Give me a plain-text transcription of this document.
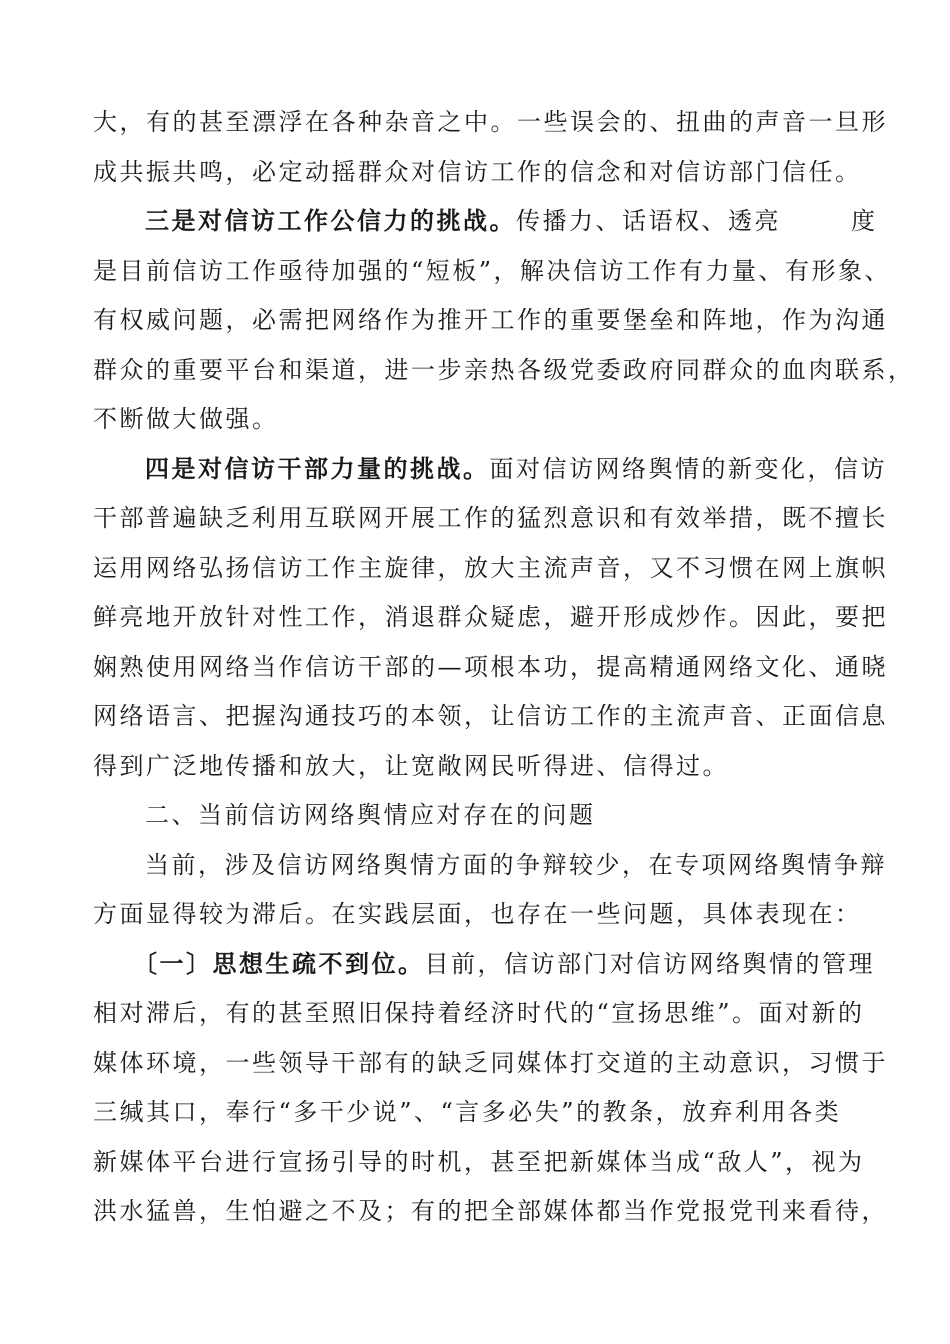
大，有的甚至漂浮在各种杂音之中。一些误会的、扭曲的声音一旦形
成共振共鸣，必定动摇群众对信访工作的信念和对信访部门信任。
三是对信访工作公信力的挑战。传播力、话语权、透亮	度
是目前信访工作亟待加强的“短板”，解决信访工作有力量、有形象、
有权威问题，必需把网络作为推开工作的重要堡垒和阵地，作为沟通
群众的重要平台和渠道，进一步亲热各级党委政府同群众的血肉联系，
不断做大做强。
四是对信访干部力量的挑战。面对信访网络舆情的新变化，信访
干部普遍缺乏利用互联网开展工作的猛烈意识和有效举措，既不擅长
运用网络弘扬信访工作主旋律，放大主流声音，又不习惯在网上旗帜
鲜亮地开放针对性工作，消退群众疑虑，避开形成炒作。因此，要把
娴熟使用网络当作信访干部的—项根本功，提高精通网络文化、通晓
网络语言、把握沟通技巧的本领，让信访工作的主流声音、正面信息
得到广泛地传播和放大，让宽敞网民听得进、信得过。
二、当前信访网络舆情应对存在的问题
当前，涉及信访网络舆情方面的争辩较少，在专项网络舆情争辩
方面显得较为滞后。在实践层面，也存在一些问题，具体表现在：
〔一〕思想生疏不到位。目前，信访部门对信访网络舆情的管理
相对滞后，有的甚至照旧保持着经济时代的“宣扬思维”。面对新的
媒体环境，一些领导干部有的缺乏同媒体打交道的主动意识，习惯于
三缄其口，奉行“多干少说”、“言多必失”的教条，放弃利用各类
新媒体平台进行宣扬引导的时机，甚至把新媒体当成“敌人”，视为
洪水猛兽，生怕避之不及；有的把全部媒体都当作党报党刊来看待，
